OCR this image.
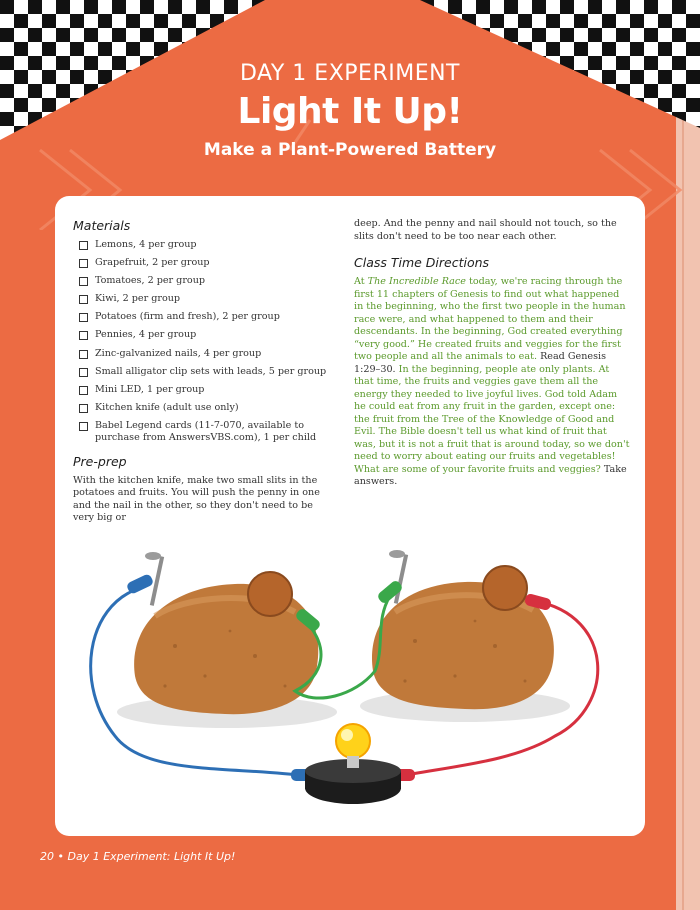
DAY 1 EXPERIMENT

Light It Up!

Make a Plant-Powered Battery

Materials

Lemons, 4 per group
Grapefruit, 2 per group
Tomatoes, 2 per group
Kiwi, 2 per group
Potatoes (firm and fresh), 2 per group
Pennies, 4 per group
Zinc-galvanized nails, 4 per group
Small alligator clip sets with leads, 5 per group
Mini LED, 1 per group
Kitchen knife (adult use only)
Babel Legend cards (11-7-070, available to purchase from AnswersVBS.com), 1 per child

Pre-prep

With the kitchen knife, make two small slits in the potatoes and fruits. You will push the penny in one and the nail in the other, so they don't need to be very big or

deep. And the penny and nail should not touch, so the slits don't need to be too near each other.

Class Time Directions

At The Incredible Race today, we're racing through the first 11 chapters of Genesis to find out what happened in the beginning, who the first two people in the human race were, and what happened to them and their descendants. In the beginning, God created everything “very good.” He created fruits and veggies for the first two people and all the animals to eat. Read Genesis 1:29–30. In the beginning, people ate only plants. At that time, the fruits and veggies gave them all the energy they needed to live joyful lives. God told Adam he could eat from any fruit in the garden, except one: the fruit from the Tree of the Knowledge of Good and Evil. The Bible doesn't tell us what kind of fruit that was, but it is not a fruit that is around today, so we don't need to worry about eating our fruits and vegetables! What are some of your favorite fruits and veggies? Take answers.

20 • Day 1 Experiment: Light It Up!
